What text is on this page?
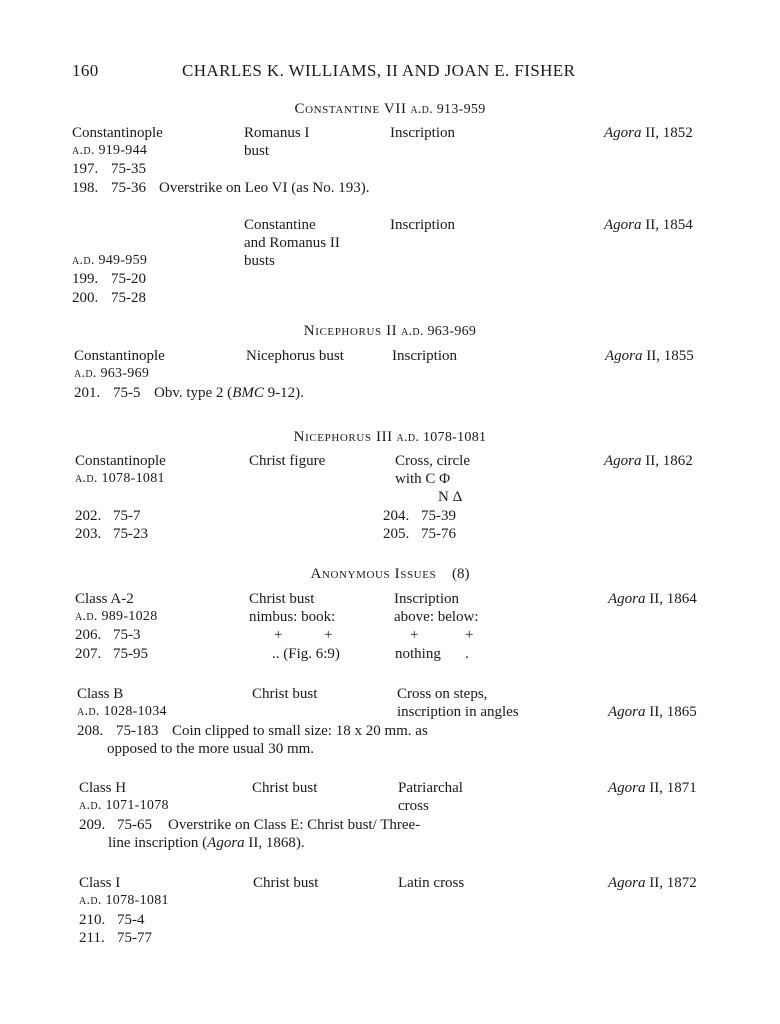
160	CHARLES K. WILLIAMS, II AND JOAN E. FISHER
Constantine VII a.d. 913-959
Constantinople	Romanus I	Inscription	Agora II, 1852
a.d. 919-944	bust
197. 75-35
198. 75-36 Overstrike on Leo VI (as No. 193).
Constantine	Inscription	Agora II, 1854
and Romanus II
a.d. 949-959	busts
199. 75-20
200. 75-28
Nicephorus II a.d. 963-969
Constantinople	Nicephorus bust	Inscription	Agora II, 1855
a.d. 963-969
201. 75-5 Obv. type 2 (BMC 9-12).
Nicephorus III a.d. 1078-1081
Constantinople	Christ figure	Cross, circle	Agora II, 1862
a.d. 1078-1081	with C Φ
N Δ
202. 75-7	204. 75-39
203. 75-23	205. 75-76
Anonymous Issues (8)
Class A-2	Christ bust	Inscription	Agora II, 1864
a.d. 989-1028	nimbus: book:	above: below:
206. 75-3	+	+	+	+
207. 75-95	.. (Fig. 6:9)	nothing .
Class B	Christ bust	Cross on steps,
a.d. 1028-1034	inscription in angles	Agora II, 1865
208. 75-183 Coin clipped to small size: 18 x 20 mm. as
opposed to the more usual 30 mm.
Class H	Christ bust	Patriarchal	Agora II, 1871
a.d. 1071-1078	cross
209. 75-65 Overstrike on Class E: Christ bust/ Three-
line inscription (Agora II, 1868).
Class I	Christ bust	Latin cross	Agora II, 1872
a.d. 1078-1081
210. 75-4
211. 75-77
